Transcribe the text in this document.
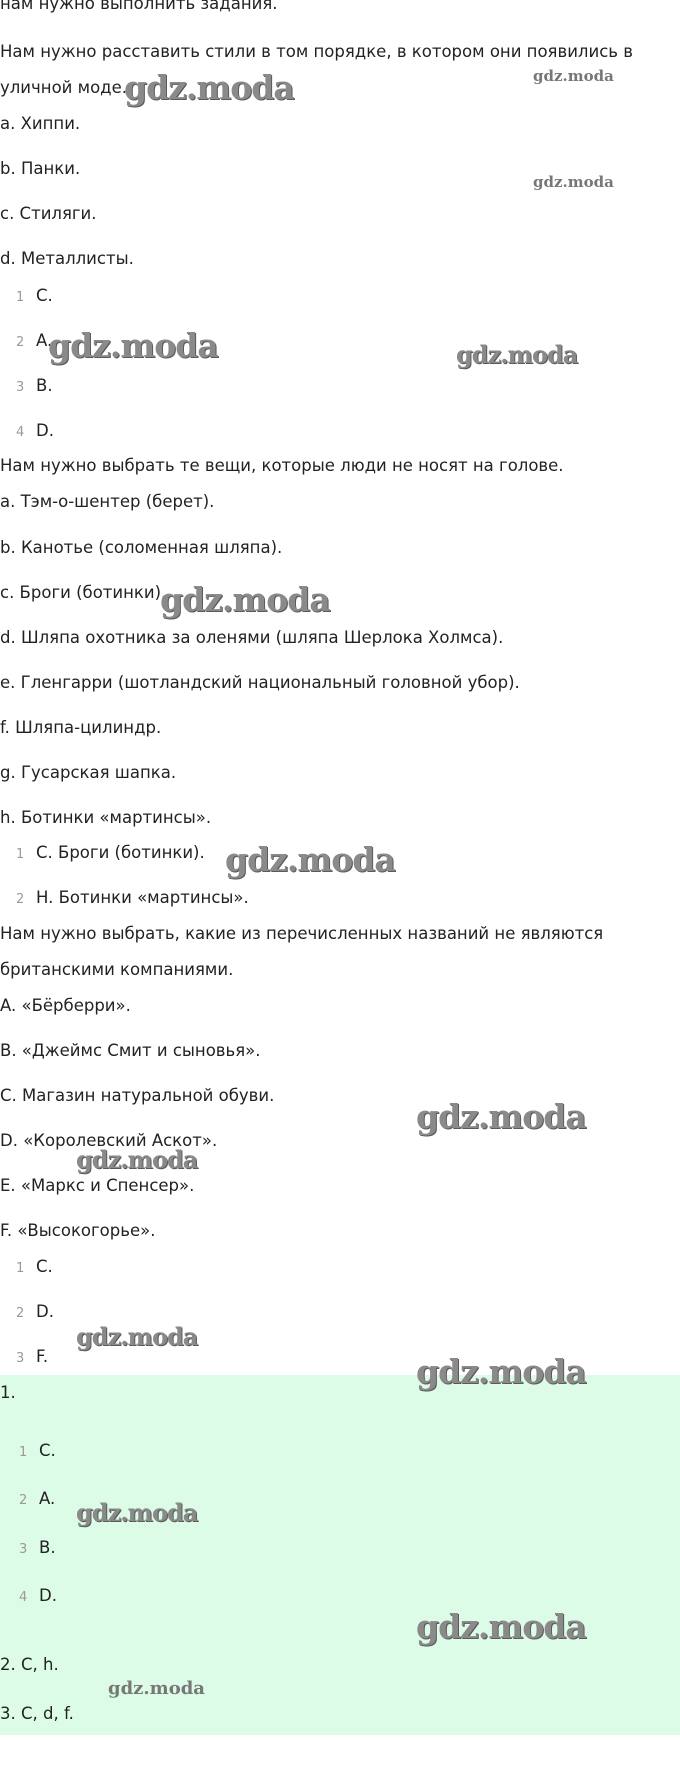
нам нужно выполнить задания.
Нам нужно расставить стили в том порядке, в котором они появились в
уличной моде.
a. Хиппи.
b. Панки.
c. Стиляги.
d. Металлисты.
1 C.
2 A.
3 B.
4 D.
Нам нужно выбрать те вещи, которые люди не носят на голове.
a. Тэм-о-шентер (берет).
b. Канотье (соломенная шляпа).
c. Броги (ботинки).
d. Шляпа охотника за оленями (шляпа Шерлока Холмса).
e. Гленгарри (шотландский национальный головной убор).
f. Шляпа-цилиндр.
g. Гусарская шапка.
h. Ботинки «мартинсы».
1 C. Броги (ботинки).
2 H. Ботинки «мартинсы».
Нам нужно выбрать, какие из перечисленных названий не являются
британскими компаниями.
A. «Бёрберри».
B. «Джеймс Смит и сыновья».
C. Магазин натуральной обуви.
D. «Королевский Аскот».
E. «Маркс и Спенсер».
F. «Высокогорье».
1 C.
2 D.
3 F.
1.
1 C.
2 A.
3 B.
4 D.
2. C, h.
3. C, d, f.
gdz.moda	gdz.moda
gdz.moda
gdz.moda	gdz.moda
gdz.moda
gdz.moda
gdz.moda
gdz.moda
gdz.moda
gdz.moda
gdz.moda
gdz.moda
gdz.moda
